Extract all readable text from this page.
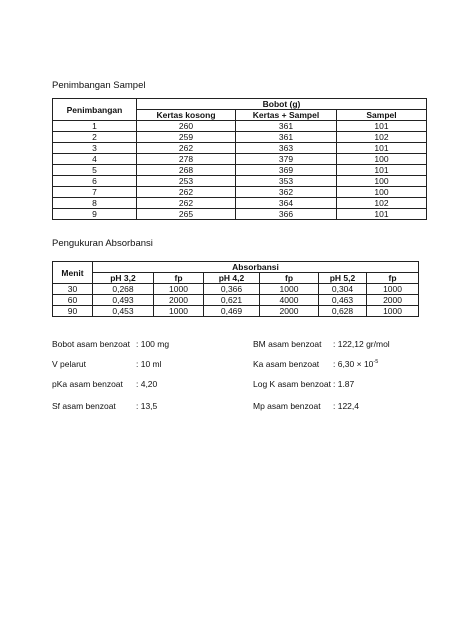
Penimbangan Sampel
Penimbangan	Bobot (g)		
	Kertas kosong	Kertas + Sampel	Sampel
1	260	361	101
2	259	361	102
3	262	363	101
4	278	379	100
5	268	369	101
6	253	353	100
7	262	362	100
8	262	364	102
9	265	366	101
Pengukuran Absorbansi
Menit	Absorbansi					
	pH 3,2	fp	pH 4,2	fp	pH 5,2	fp
30	0,268	1000	0,366	1000	0,304	1000
60	0,493	2000	0,621	4000	0,463	2000
90	0,453	1000	0,469	2000	0,628	1000
Bobot asam benzoat : 100 mg
V pelarut	: 10 ml
pKa asam benzoat : 4,20
Sf asam benzoat : 13,5
BM asam benzoat : 122,12 gr/mol
Ka asam benzoat : $6,30 \times 10^{-5}$
Log K asam benzoat : 1.87
Mp asam benzoat : 122,4
